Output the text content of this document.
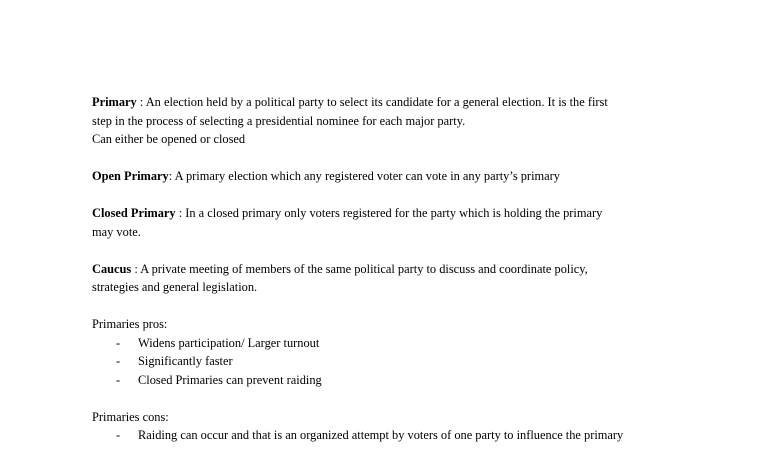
Primary : An election held by a political party to select its candidate for a general election. It is the first
step in the process of selecting a presidential nominee for each major party.
Can either be opened or closed
Open Primary: A primary election which any registered voter can vote in any party’s primary
Closed Primary : In a closed primary only voters registered for the party which is holding the primary
may vote.
Caucus : A private meeting of members of the same political party to discuss and coordinate policy,
strategies and general legislation.
Primaries pros:
- Widens participation/ Larger turnout
- Significantly faster
- Closed Primaries can prevent raiding
Primaries cons:
- Raiding can occur and that is an organized attempt by voters of one party to influence the primary
